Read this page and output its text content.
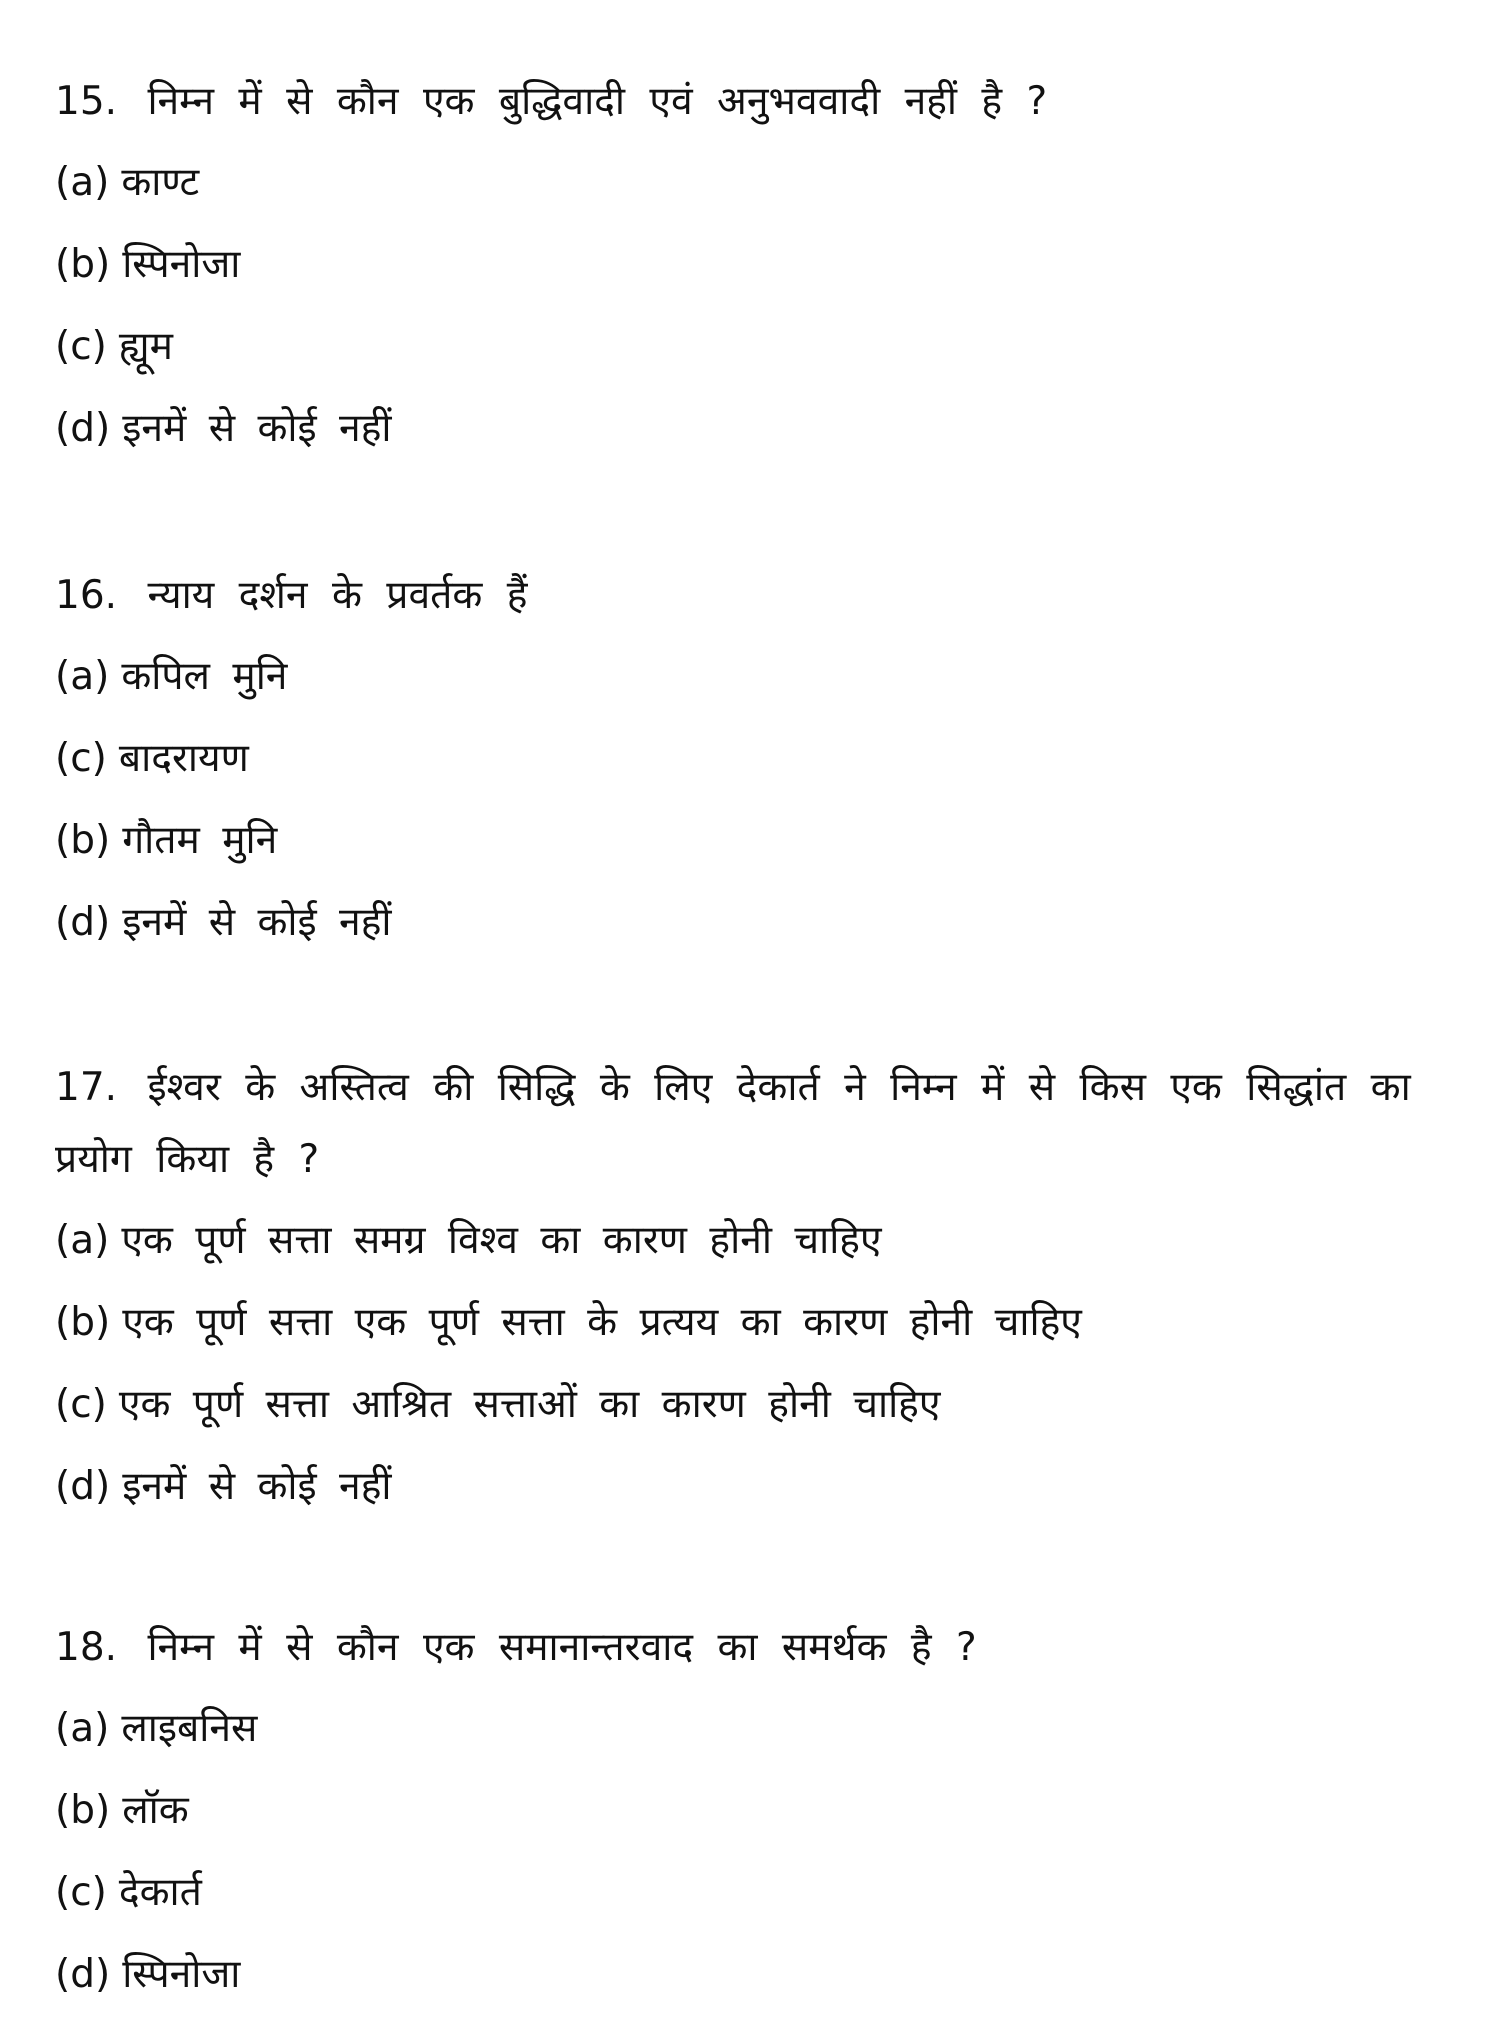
15. निम्न में से कौन एक बुद्धिवादी एवं अनुभववादी नहीं है ?

(a) काण्ट

(b) स्पिनोजा

(c) ह्यूम

(d) इनमें से कोई नहीं

16. न्याय दर्शन के प्रवर्तक हैं

(a) कपिल मुनि

(c) बादरायण

(b) गौतम मुनि

(d) इनमें से कोई नहीं

17. ईश्वर के अस्तित्व की सिद्धि के लिए देकार्त ने निम्न में से किस एक सिद्धांत का प्रयोग किया है ?

(a) एक पूर्ण सत्ता समग्र विश्व का कारण होनी चाहिए

(b) एक पूर्ण सत्ता एक पूर्ण सत्ता के प्रत्यय का कारण होनी चाहिए

(c) एक पूर्ण सत्ता आश्रित सत्ताओं का कारण होनी चाहिए

(d) इनमें से कोई नहीं

18. निम्न में से कौन एक समानान्तरवाद का समर्थक है ?

(a) लाइबनिस

(b) लॉक

(c) देकार्त

(d) स्पिनोजा
